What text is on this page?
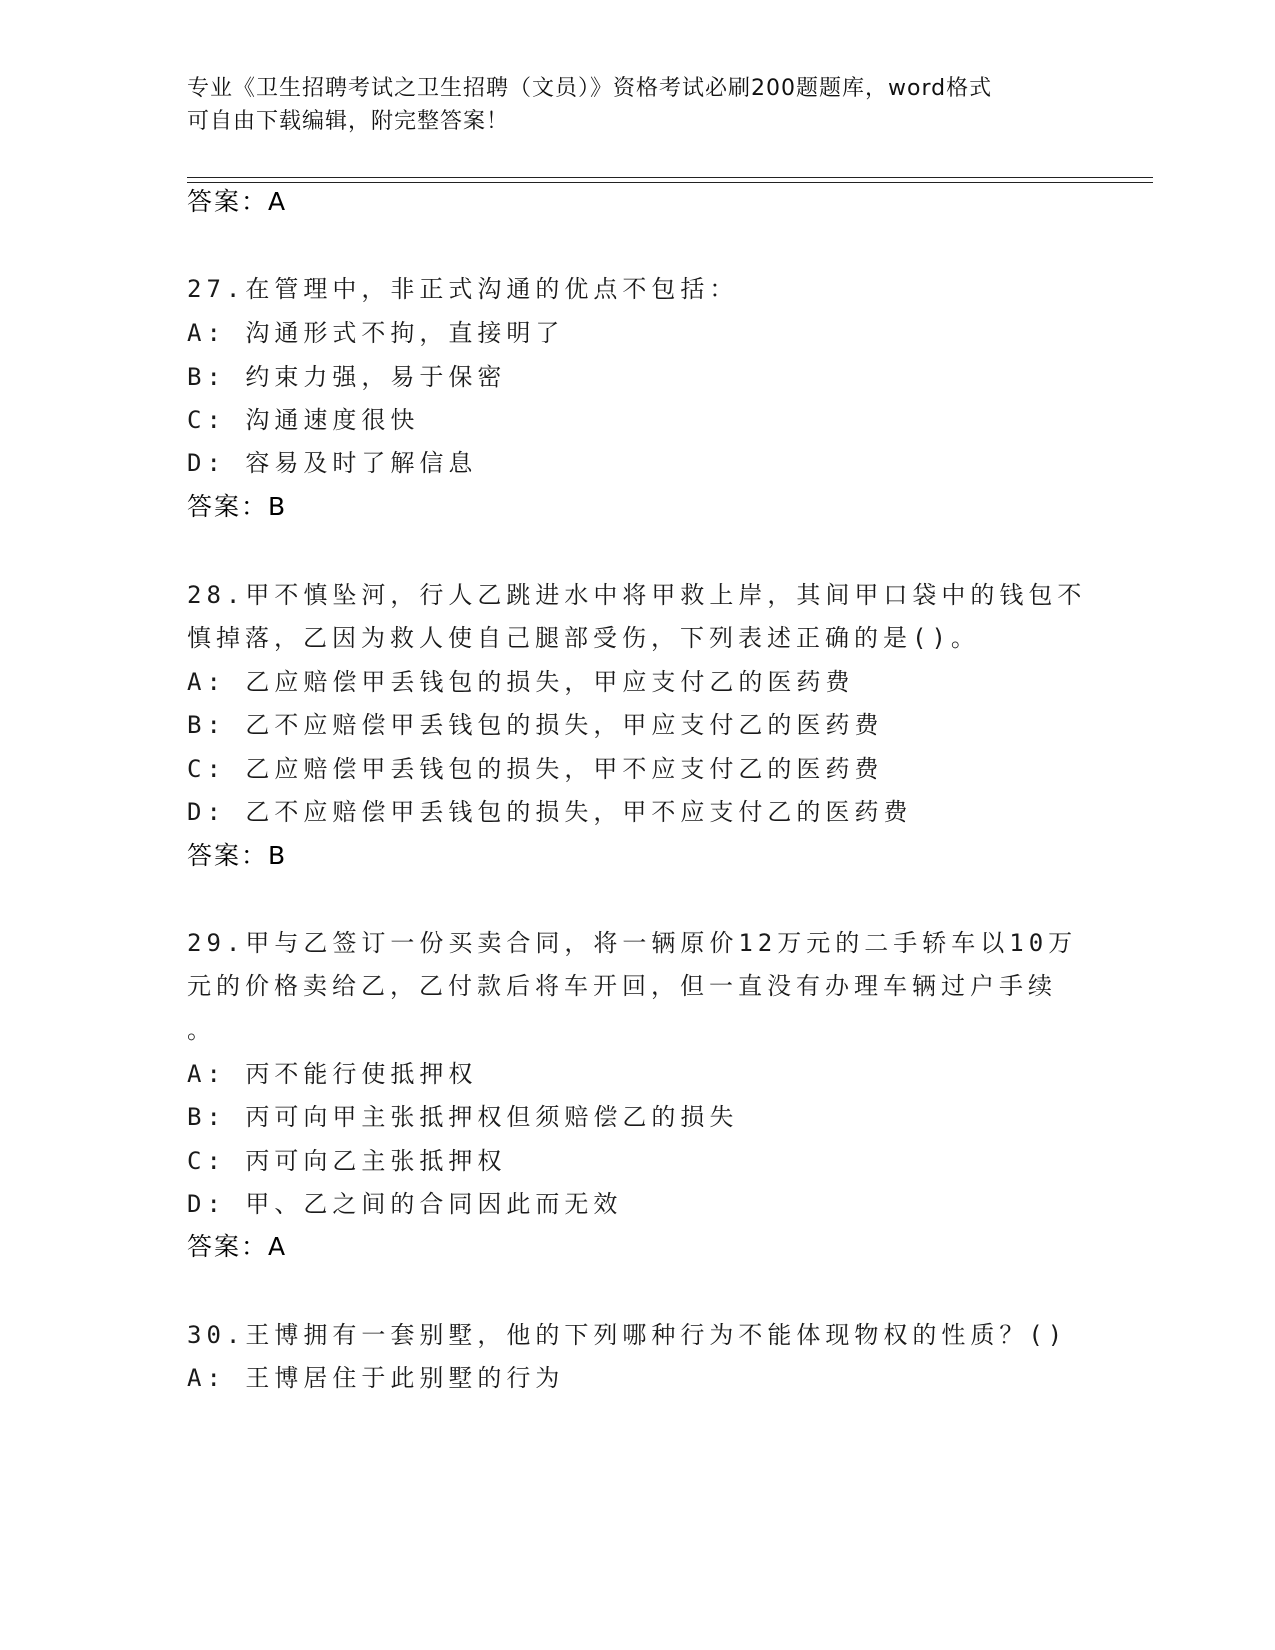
专业《卫生招聘考试之卫生招聘（文员）》资格考试必刷200题题库，word格式
可自由下载编辑，附完整答案！
答案：A
27.在管理中，非正式沟通的优点不包括：
A: 沟通形式不拘，直接明了
B: 约束力强，易于保密
C: 沟通速度很快
D: 容易及时了解信息
答案：B
28.甲不慎坠河，行人乙跳进水中将甲救上岸，其间甲口袋中的钱包不
慎掉落，乙因为救人使自己腿部受伤，下列表述正确的是()。
A: 乙应赔偿甲丢钱包的损失，甲应支付乙的医药费
B: 乙不应赔偿甲丢钱包的损失，甲应支付乙的医药费
C: 乙应赔偿甲丢钱包的损失，甲不应支付乙的医药费
D: 乙不应赔偿甲丢钱包的损失，甲不应支付乙的医药费
答案：B
29.甲与乙签订一份买卖合同，将一辆原价12万元的二手轿车以10万
元的价格卖给乙，乙付款后将车开回，但一直没有办理车辆过户手续
。
A: 丙不能行使抵押权
B: 丙可向甲主张抵押权但须赔偿乙的损失
C: 丙可向乙主张抵押权
D: 甲、乙之间的合同因此而无效
答案：A
30.王博拥有一套别墅，他的下列哪种行为不能体现物权的性质？()
A: 王博居住于此别墅的行为
